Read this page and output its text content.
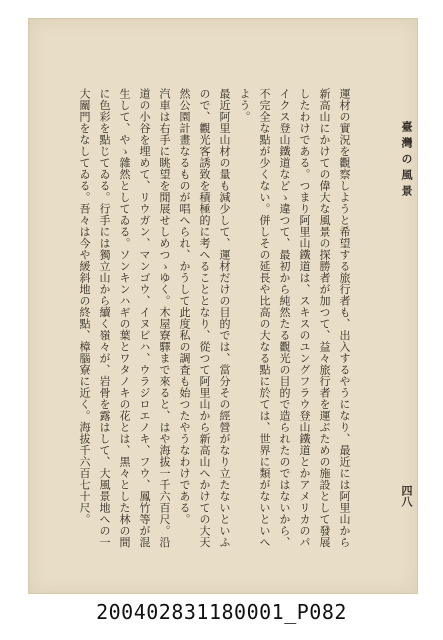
臺灣の風景
四八

運材の實況を觀察しようと希望する旅行者も、出入するやうになり、最近には阿里山から新高山にかけての偉大な風景の探勝者が加つて、益々旅行者を運ぶための施設として發展したわけである。つまり阿里山鐵道は、スキスのユングフラウ登山鐵道とかアメリカのパイクス登山鐵道などゝ違つて、最初から純然たる觀光の目的で造られたのではないから、不完全な點が少くない。併しその延長や比高の大なる點に於ては、世界に類がないといへよう。

最近阿里山材の量も減少して、運材だけの目的では、當分その經營がなり立たないといふので、觀光客誘致を積極的に考へることとなり、從つて阿里山から新高山へかけての大天然公園計畫なるものが唱へられ、かうして此度私の調査も始つたやうなわけである。

汽車は右手に眺望を閒展せしめつゝゆく。木屋寮驛まで來ると、はや海拔一千六百尺。沿道の小谷を埋めて、リウガン、マンゴウ、イヌビハ、ウラジロエノキ、フウ、鳳竹等が混生して、やゝ雜然としてゐる。ソンキンハギの葉とワタノキの花とは、黒々とした林の間に色彩を點じてゐる。行手には獨立山から續く嶺々が、岩骨を露はして、大風景地への一大關門をなしてゐる。吾々は今や緩斜地の終點、樟腦寮に近く。海拔千六百七十尺。

200402831180001_P082
